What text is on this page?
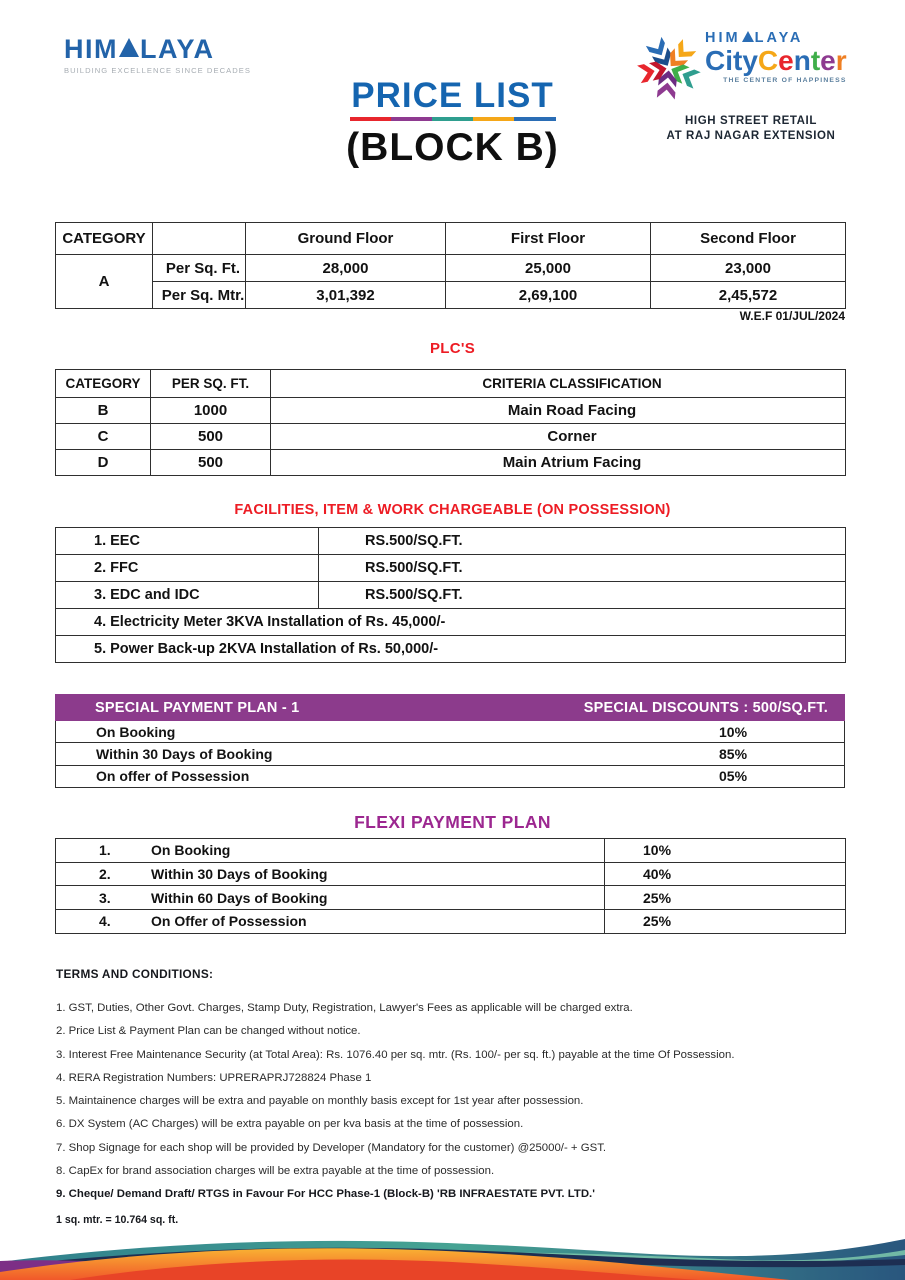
HIM LAYA
BUILDING EXCELLENCE SINCE DECADES
PRICE LIST
(BLOCK B)
HIM LAYA
CityCenter
THE CENTER OF HAPPINESS
HIGH STREET RETAIL
AT RAJ NAGAR EXTENSION
CATEGORY		Ground Floor	First Floor	Second Floor
A	Per Sq. Ft.	28,000	25,000	23,000
	Per Sq. Mtr.	3,01,392	2,69,100	2,45,572
W.E.F 01/JUL/2024
PLC'S
CATEGORY	PER SQ. FT.	CRITERIA CLASSIFICATION
B	1000	Main Road Facing
C	500	Corner
D	500	Main Atrium Facing
FACILITIES, ITEM & WORK CHARGEABLE (ON POSSESSION)
1. EEC	RS.500/SQ.FT.
2. FFC	RS.500/SQ.FT.
3. EDC and IDC	RS.500/SQ.FT.
4. Electricity Meter 3KVA Installation of Rs. 45,000/-	
5. Power Back-up 2KVA Installation of Rs. 50,000/-	
SPECIAL PAYMENT PLAN - 1	SPECIAL DISCOUNTS : 500/SQ.FT.
On Booking	10%
Within 30 Days of Booking	85%
On offer of Possession	05%
FLEXI PAYMENT PLAN
1. On Booking	10%
2. Within 30 Days of Booking	40%
3. Within 60 Days of Booking	25%
4. On Offer of Possession	25%
TERMS AND CONDITIONS:
1. GST, Duties, Other Govt. Charges, Stamp Duty, Registration, Lawyer's Fees as applicable will be charged extra.
2. Price List & Payment Plan can be changed without notice.
3. Interest Free Maintenance Security (at Total Area): Rs. 1076.40 per sq. mtr. (Rs. 100/- per sq. ft.) payable at the time Of Possession.
4. RERA Registration Numbers: UPRERAPRJ728824 Phase 1
5. Maintainence charges will be extra and payable on monthly basis except for 1st year after possession.
6. DX System (AC Charges) will be extra payable on per kva basis at the time of possession.
7. Shop Signage for each shop will be provided by Developer (Mandatory for the customer) @25000/- + GST.
8. CapEx for brand association charges will be extra payable at the time of possession.
9. Cheque/ Demand Draft/ RTGS in Favour For HCC Phase-1 (Block-B) 'RB INFRAESTATE PVT. LTD.'
1 sq. mtr. = 10.764 sq. ft.
